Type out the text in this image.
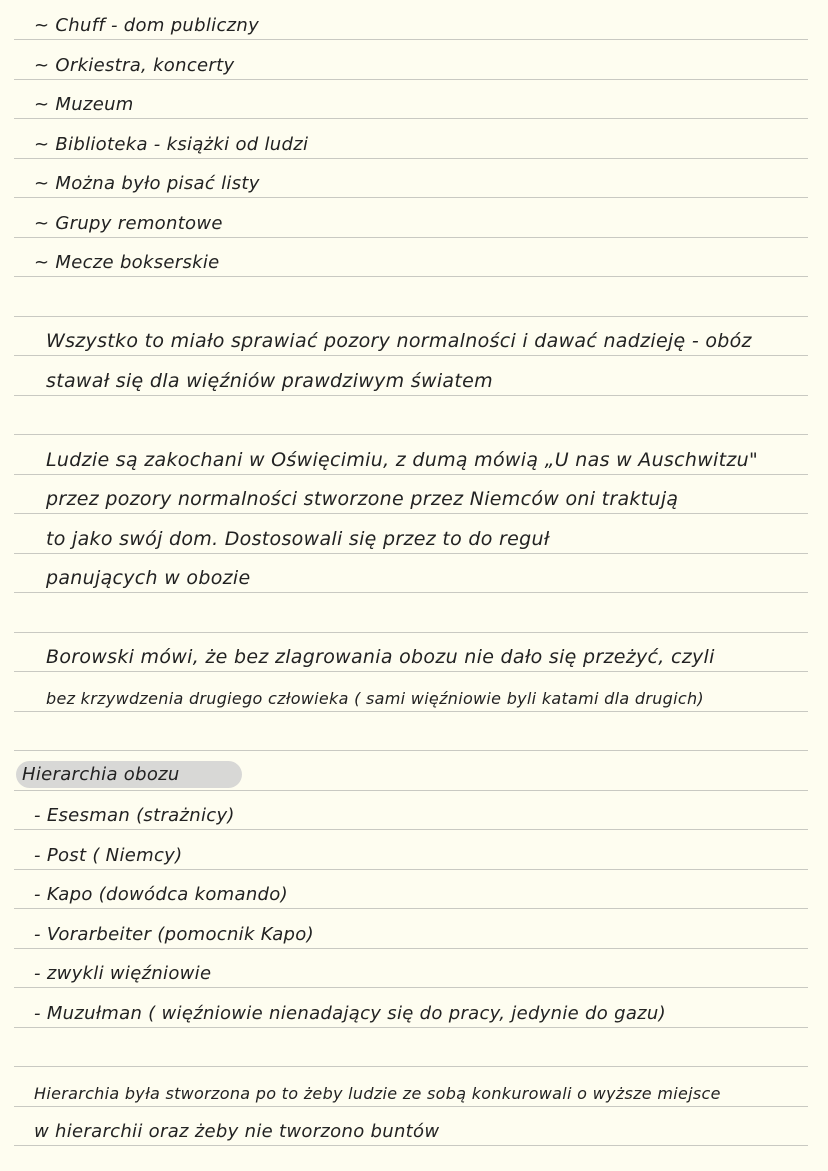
~ Chuff - dom publiczny
~ Orkiestra, koncerty
~ Muzeum
~ Biblioteka - książki od ludzi
~ Można było pisać listy
~ Grupy remontowe
~ Mecze bokserskie
Wszystko to miało sprawiać pozory normalności i dawać nadzieję - obóz
stawał się dla więźniów prawdziwym światem
Ludzie są zakochani w Oświęcimiu, z dumą mówią „U nas w Auschwitzu"
przez pozory normalności stworzone przez Niemców oni traktują
to jako swój dom. Dostosowali się przez to do reguł
panujących w obozie
Borowski mówi, że bez zlagrowania obozu nie dało się przeżyć, czyli
bez krzywdzenia drugiego człowieka ( sami więźniowie byli katami dla drugich)
Hierarchia obozu
- Esesman (strażnicy)
- Post ( Niemcy)
- Kapo (dowódca komando)
- Vorarbeiter (pomocnik Kapo)
- zwykli więźniowie
- Muzułman ( więźniowie nienadający się do pracy, jedynie do gazu)
Hierarchia była stworzona po to żeby ludzie ze sobą konkurowali o wyższe miejsce
w hierarchii oraz żeby nie tworzono buntów
